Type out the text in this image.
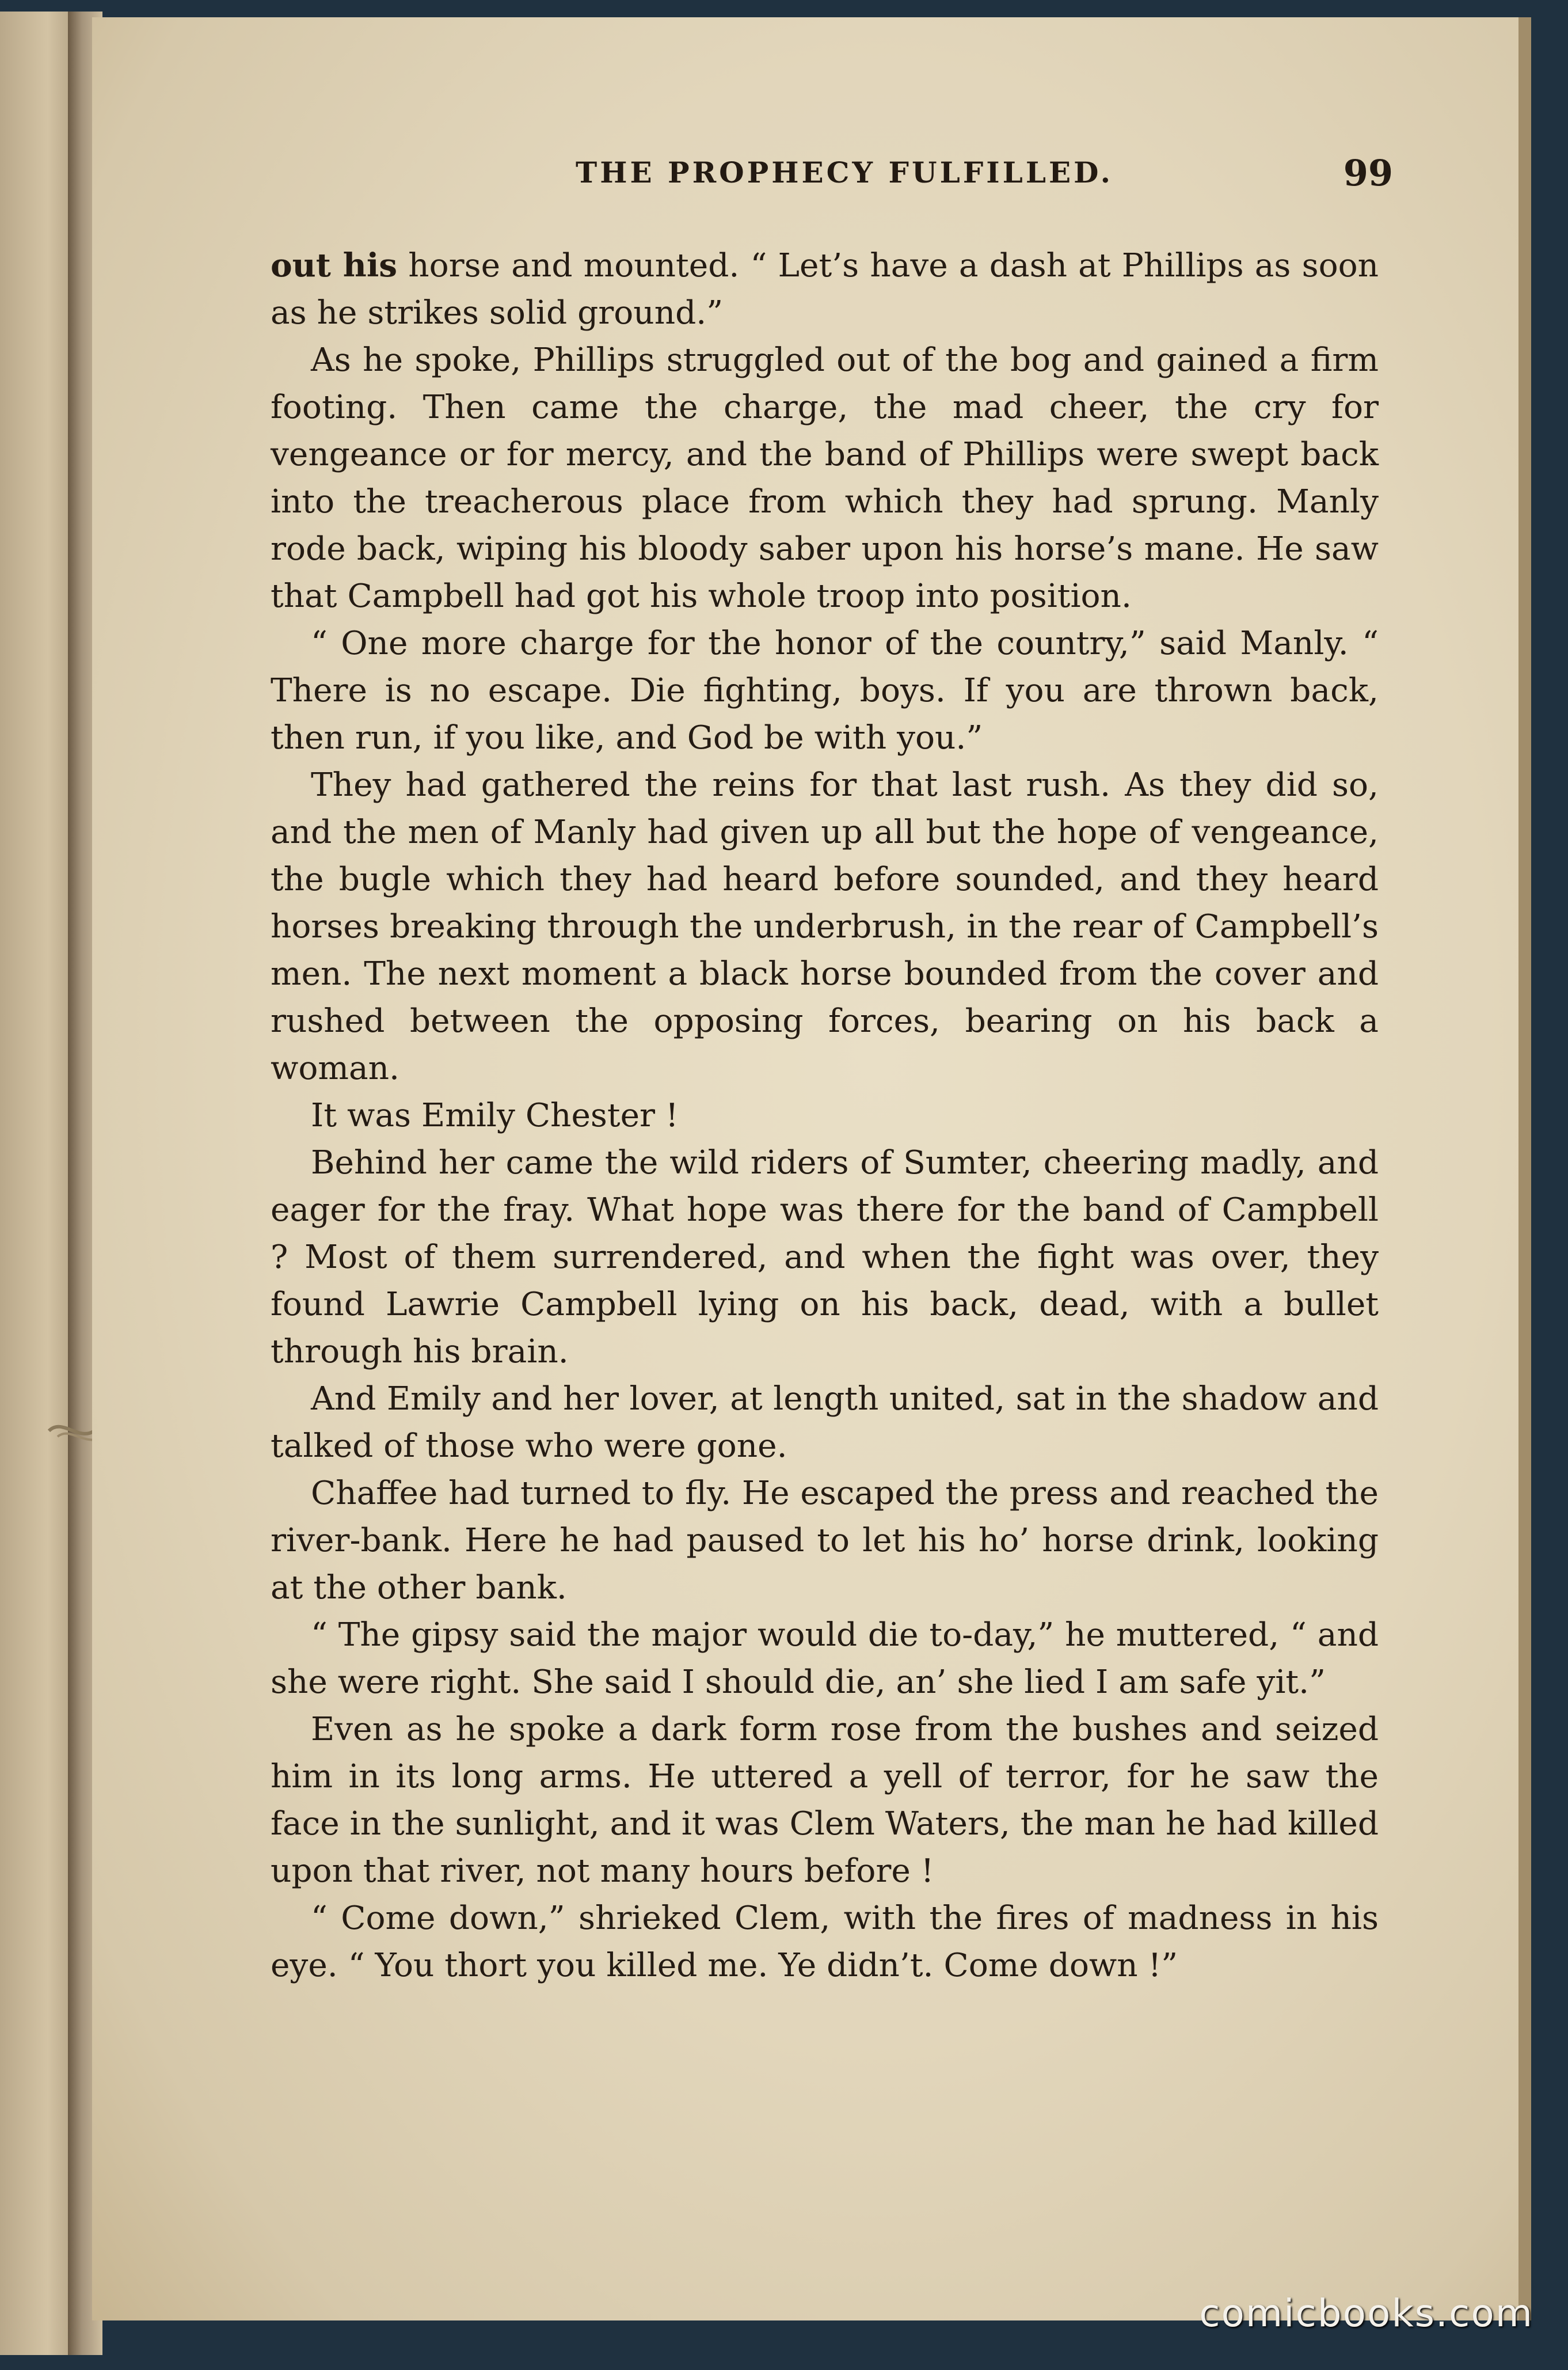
THE PROPHECY FULFILLED.	99

out his horse and mounted. “ Let’s have a dash at Phillips as soon as he strikes solid ground.”

As he spoke, Phillips struggled out of the bog and gained a firm footing. Then came the charge, the mad cheer, the cry for vengeance or for mercy, and the band of Phillips were swept back into the treacherous place from which they had sprung. Manly rode back, wiping his bloody saber upon his horse’s mane. He saw that Campbell had got his whole troop into position.

“ One more charge for the honor of the country,” said Manly. “ There is no escape. Die fighting, boys. If you are thrown back, then run, if you like, and God be with you.”

They had gathered the reins for that last rush. As they did so, and the men of Manly had given up all but the hope of vengeance, the bugle which they had heard before sounded, and they heard horses breaking through the underbrush, in the rear of Campbell’s men. The next moment a black horse bounded from the cover and rushed between the opposing forces, bearing on his back a woman.

It was Emily Chester !

Behind her came the wild riders of Sumter, cheering madly, and eager for the fray. What hope was there for the band of Campbell ? Most of them surrendered, and when the fight was over, they found Lawrie Campbell lying on his back, dead, with a bullet through his brain.

And Emily and her lover, at length united, sat in the shadow and talked of those who were gone.

Chaffee had turned to fly. He escaped the press and reached the river-bank. Here he had paused to let his ho’ horse drink, looking at the other bank.

“ The gipsy said the major would die to-day,” he muttered, “ and she were right. She said I should die, an’ she lied I am safe yit.”

Even as he spoke a dark form rose from the bushes and seized him in its long arms. He uttered a yell of terror, for he saw the face in the sunlight, and it was Clem Waters, the man he had killed upon that river, not many hours before !

“ Come down,” shrieked Clem, with the fires of madness in his eye. “ You thort you killed me. Ye didn’t. Come down !”

comicbooks.com
